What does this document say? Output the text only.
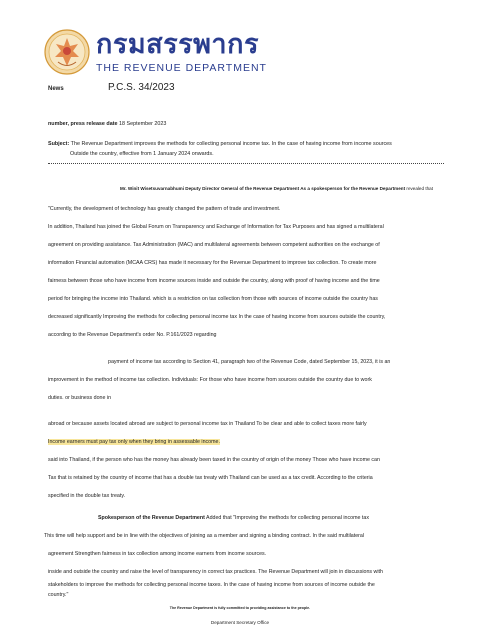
กรมสรรพากร
THE REVENUE DEPARTMENT
News	P.C.S. 34/2023
number, press release date 18 September 2023
Subject: The Revenue Department improves the methods for collecting personal income tax. In the case of having income from income sources
Outside the country, effective from 1 January 2024 onwards.
Mr. Winit Wisetsuvarnabhumi Deputy Director General of the Revenue Department As a spokesperson for the Revenue Department revealed that
"Currently, the development of technology has greatly changed the pattern of trade and investment.
In addition, Thailand has joined the Global Forum on Transparency and Exchange of Information for Tax Purposes and has signed a multilateral
agreement on providing assistance. Tax Administration (MAC) and multilateral agreements between competent authorities on the exchange of
information Financial automation (MCAA CRS) has made it necessary for the Revenue Department to improve tax collection. To create more
fairness between those who have income from income sources inside and outside the country, along with proof of having income and the time
period for bringing the income into Thailand. which is a restriction on tax collection from those with sources of income outside the country has
decreased significantly Improving the methods for collecting personal income tax In the case of having income from sources outside the country,
according to the Revenue Department's order No. P.161/2023 regarding
payment of income tax according to Section 41, paragraph two of the Revenue Code, dated September 15, 2023, it is an
improvement in the method of income tax collection. Individuals: For those who have income from sources outside the country due to work
duties. or business done in
abroad or because assets located abroad are subject to personal income tax in Thailand To be clear and able to collect taxes more fairly
Income earners must pay tax only when they bring in assessable income.
said into Thailand, if the person who has the money has already been taxed in the country of origin of the money Those who have income can
Tax that is retained by the country of income that has a double tax treaty with Thailand can be used as a tax credit. According to the criteria
specified in the double tax treaty.
Spokesperson of the Revenue Department Added that "Improving the methods for collecting personal income tax
This time will help support and be in line with the objectives of joining as a member and signing a binding contract. In the said multilateral
agreement Strengthen fairness in tax collection among income earners from income sources.
inside and outside the country and raise the level of transparency in correct tax practices. The Revenue Department will join in discussions with
stakeholders to improve the methods for collecting personal income taxes. In the case of having income from sources of income outside the
country."
The Revenue Department is fully committed to providing assistance to the people.
Department Secretary Office
